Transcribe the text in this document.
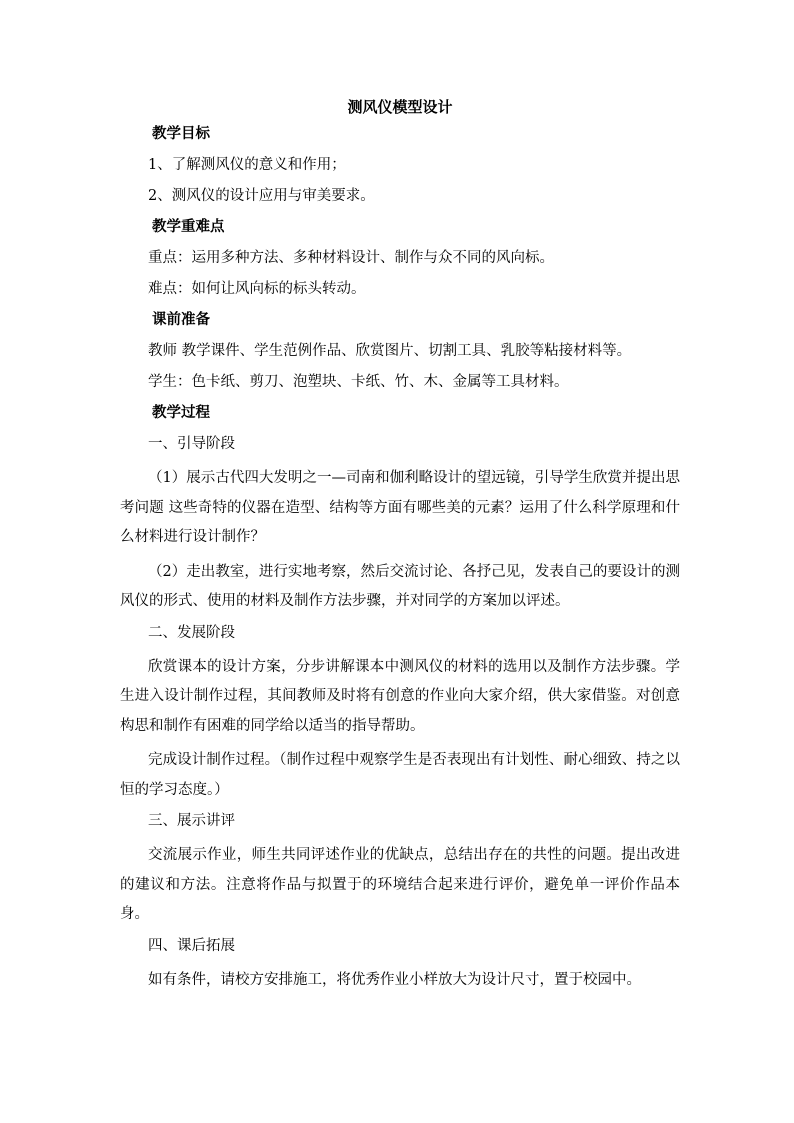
测风仪模型设计
教学目标
1、了解测风仪的意义和作用；
2、测风仪的设计应用与审美要求。
教学重难点
重点：运用多种方法、多种材料设计、制作与众不同的风向标。
难点：如何让风向标的标头转动。
课前准备
教师 教学课件、学生范例作品、欣赏图片、切割工具、乳胶等粘接材料等。
学生：色卡纸、剪刀、泡塑块、卡纸、竹、木、金属等工具材料。
教学过程
一、引导阶段
（1）展示古代四大发明之一—司南和伽利略设计的望远镜，引导学生欣赏并提出思考问题 这些奇特的仪器在造型、结构等方面有哪些美的元素？运用了什么科学原理和什么材料进行设计制作？
（2）走出教室，进行实地考察，然后交流讨论、各抒己见，发表自己的要设计的测风仪的形式、使用的材料及制作方法步骤，并对同学的方案加以评述。
二、发展阶段
欣赏课本的设计方案，分步讲解课本中测风仪的材料的选用以及制作方法步骤。学生进入设计制作过程，其间教师及时将有创意的作业向大家介绍，供大家借鉴。对创意构思和制作有困难的同学给以适当的指导帮助。
完成设计制作过程。（制作过程中观察学生是否表现出有计划性、耐心细致、持之以恒的学习态度。）
三、展示讲评
交流展示作业，师生共同评述作业的优缺点，总结出存在的共性的问题。提出改进的建议和方法。注意将作品与拟置于的环境结合起来进行评价，避免单一评价作品本身。
四、课后拓展
如有条件，请校方安排施工，将优秀作业小样放大为设计尺寸，置于校园中。
